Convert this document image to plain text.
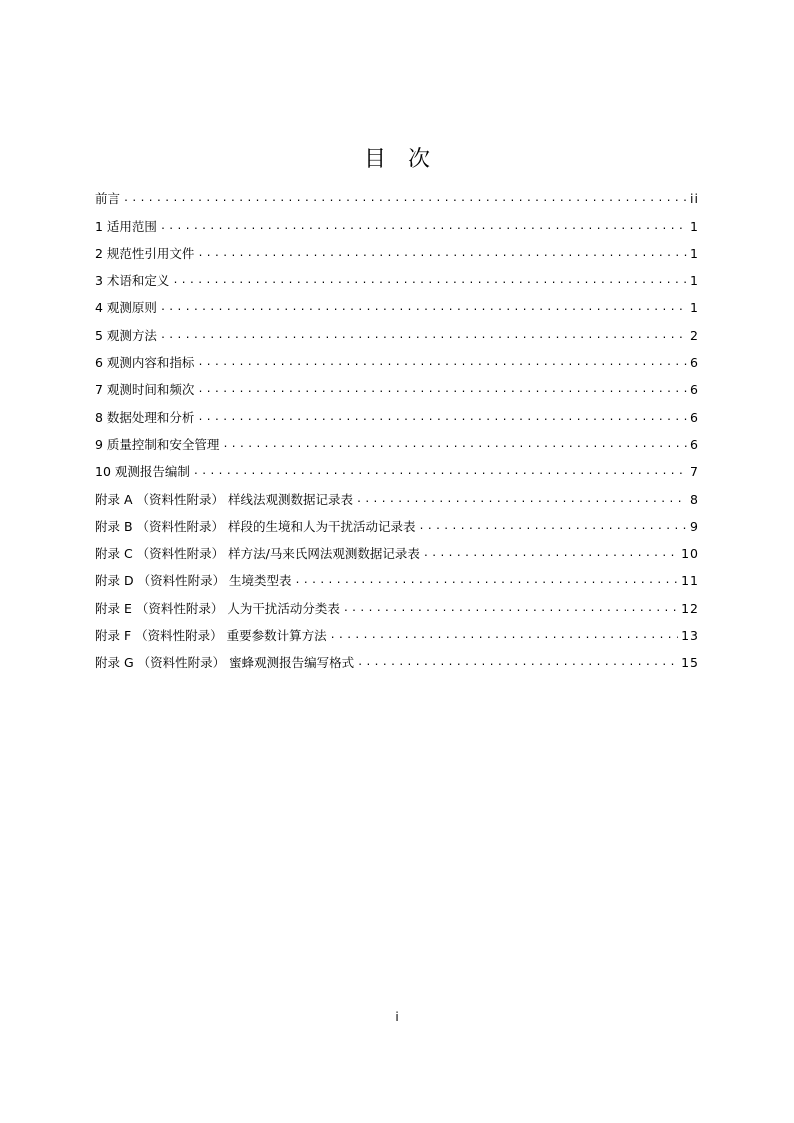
目次
前言 .....	ii
1 适用范围 .....	1
2 规范性引用文件 .....	1
3 术语和定义 .....	1
4 观测原则 .....	1
5 观测方法 .....	2
6 观测内容和指标 .....	6
7 观测时间和频次 .....	6
8 数据处理和分析 .....	6
9 质量控制和安全管理 .....	6
10 观测报告编制 .....	7
附录 A （资料性附录） 样线法观测数据记录表 .....	8
附录 B （资料性附录） 样段的生境和人为干扰活动记录表 .....	9
附录 C （资料性附录） 样方法/马来氏网法观测数据记录表 .....	10
附录 D （资料性附录） 生境类型表 .....	11
附录 E （资料性附录） 人为干扰活动分类表 .....	12
附录 F （资料性附录） 重要参数计算方法 .....	13
附录 G （资料性附录） 蜜蜂观测报告编写格式 .....	15
i
